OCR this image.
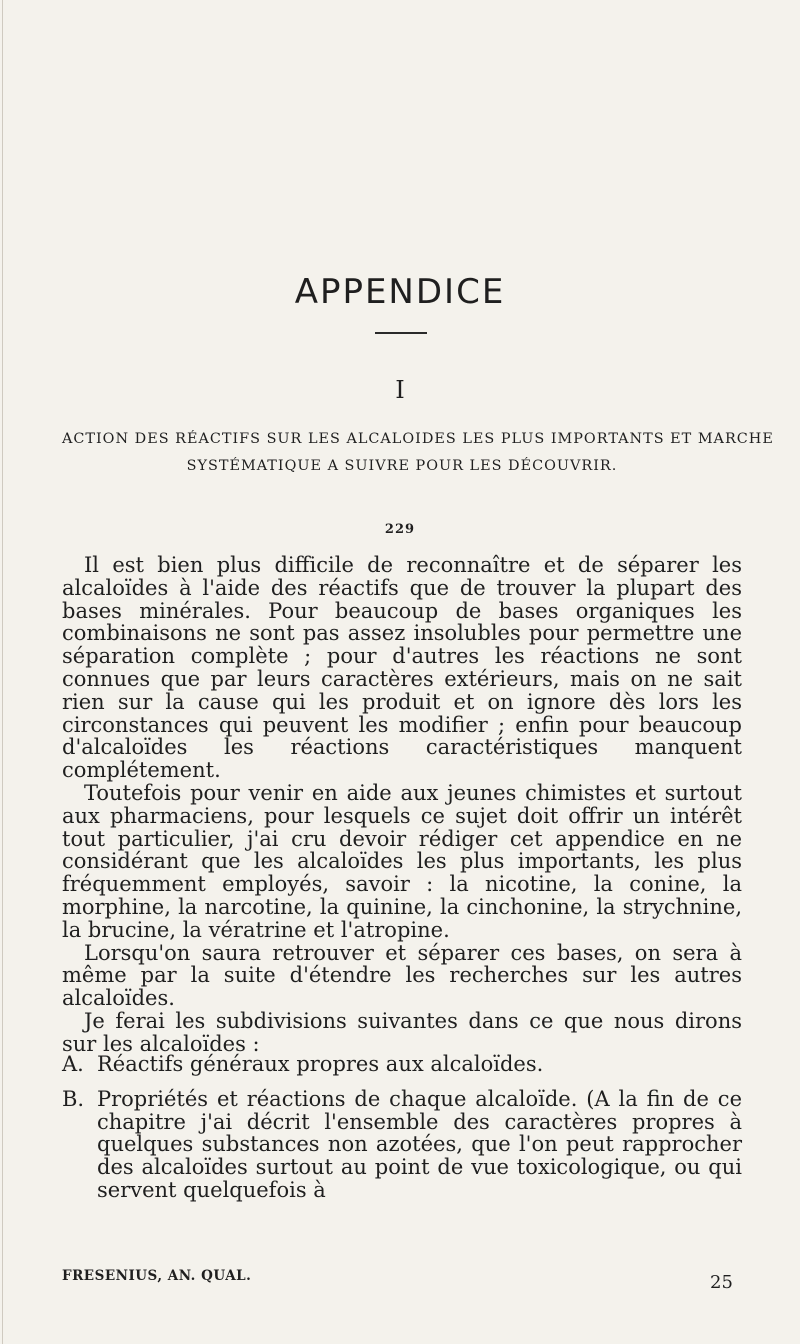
APPENDICE
I
ACTION DES RÉACTIFS SUR LES ALCALOIDES LES PLUS IMPORTANTS ET MARCHE
SYSTÉMATIQUE A SUIVRE POUR LES DÉCOUVRIR.
229

Il est bien plus difficile de reconnaître et de séparer les alcaloïdes à l'aide des réactifs que de trouver la plupart des bases minérales. Pour beaucoup de bases organiques les combinaisons ne sont pas assez insolubles pour permettre une séparation complète ; pour d'autres les réactions ne sont connues que par leurs caractères extérieurs, mais on ne sait rien sur la cause qui les produit et on ignore dès lors les circonstances qui peuvent les modifier ; enfin pour beaucoup d'alcaloïdes les réactions caractéristiques manquent complétement.

Toutefois pour venir en aide aux jeunes chimistes et surtout aux pharmaciens, pour lesquels ce sujet doit offrir un intérêt tout particulier, j'ai cru devoir rédiger cet appendice en ne considérant que les alcaloïdes les plus importants, les plus fréquemment employés, savoir : la nicotine, la conine, la morphine, la narcotine, la quinine, la cinchonine, la strychnine, la brucine, la vératrine et l'atropine.

Lorsqu'on saura retrouver et séparer ces bases, on sera à même par la suite d'étendre les recherches sur les autres alcaloïdes.

Je ferai les subdivisions suivantes dans ce que nous dirons sur les alcaloïdes :

A. Réactifs généraux propres aux alcaloïdes.
B. Propriétés et réactions de chaque alcaloïde. (A la fin de ce chapitre j'ai décrit l'ensemble des caractères propres à quelques substances non azotées, que l'on peut rapprocher des alcaloïdes surtout au point de vue toxicologique, ou qui servent quelquefois à
FRESENIUS, AN. QUAL.	25
